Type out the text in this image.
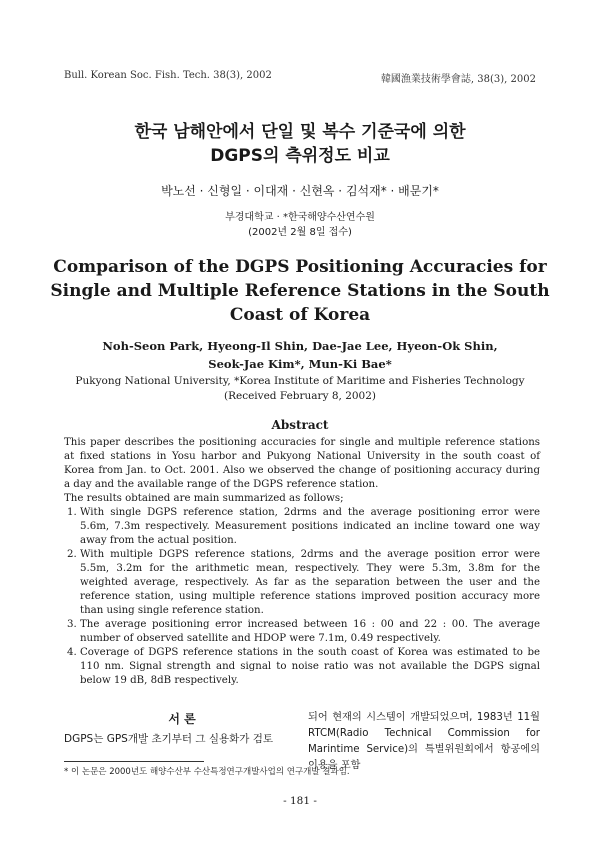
Bull. Korean Soc. Fish. Tech. 38(3), 2002	韓國漁業技術學會誌, 38(3), 2002
한국 남해안에서 단일 및 복수 기준국에 의한
DGPS의 측위정도 비교
박노선 · 신형일 · 이대재 · 신현옥 · 김석재* · 배문기*
부경대학교 · *한국해양수산연수원
(2002년 2월 8일 접수)
Comparison of the DGPS Positioning Accuracies for
Single and Multiple Reference Stations in the South
Coast of Korea
Noh-Seon Park, Hyeong-Il Shin, Dae-Jae Lee, Hyeon-Ok Shin,
Seok-Jae Kim*, Mun-Ki Bae*
Pukyong National University, *Korea Institute of Maritime and Fisheries Technology
(Received February 8, 2002)
Abstract

This paper describes the positioning accuracies for single and multiple reference stations at fixed stations in Yosu harbor and Pukyong National University in the south coast of Korea from Jan. to Oct. 2001. Also we observed the change of positioning accuracy during a day and the available range of the DGPS reference station.

The results obtained are main summarized as follows;

1. With single DGPS reference station, 2drms and the average positioning error were 5.6m, 7.3m respectively. Measurement positions indicated an incline toward one way away from the actual position.
2. With multiple DGPS reference stations, 2drms and the average position error were 5.5m, 3.2m for the arithmetic mean, respectively. They were 5.3m, 3.8m for the weighted average, respectively. As far as the separation between the user and the reference station, using multiple reference stations improved position accuracy more than using single reference station.
3. The average positioning error increased between 16 : 00 and 22 : 00. The average number of observed satellite and HDOP were 7.1m, 0.49 respectively.
4. Coverage of DGPS reference stations in the south coast of Korea was estimated to be 110 nm. Signal strength and signal to noise ratio was not available the DGPS signal below 19 dB, 8dB respectively.
서 론
DGPS는 GPS개발 초기부터 그 실용화가 검토
되어 현재의 시스템이 개발되었으며, 1983년 11월 RTCM(Radio Technical Commission for Marintime Service)의 특별위원회에서 항공에의 이용을 포함
* 이 논문은 2000년도 해양수산부 수산특정연구개발사업의 연구개발 결과임.
- 181 -
